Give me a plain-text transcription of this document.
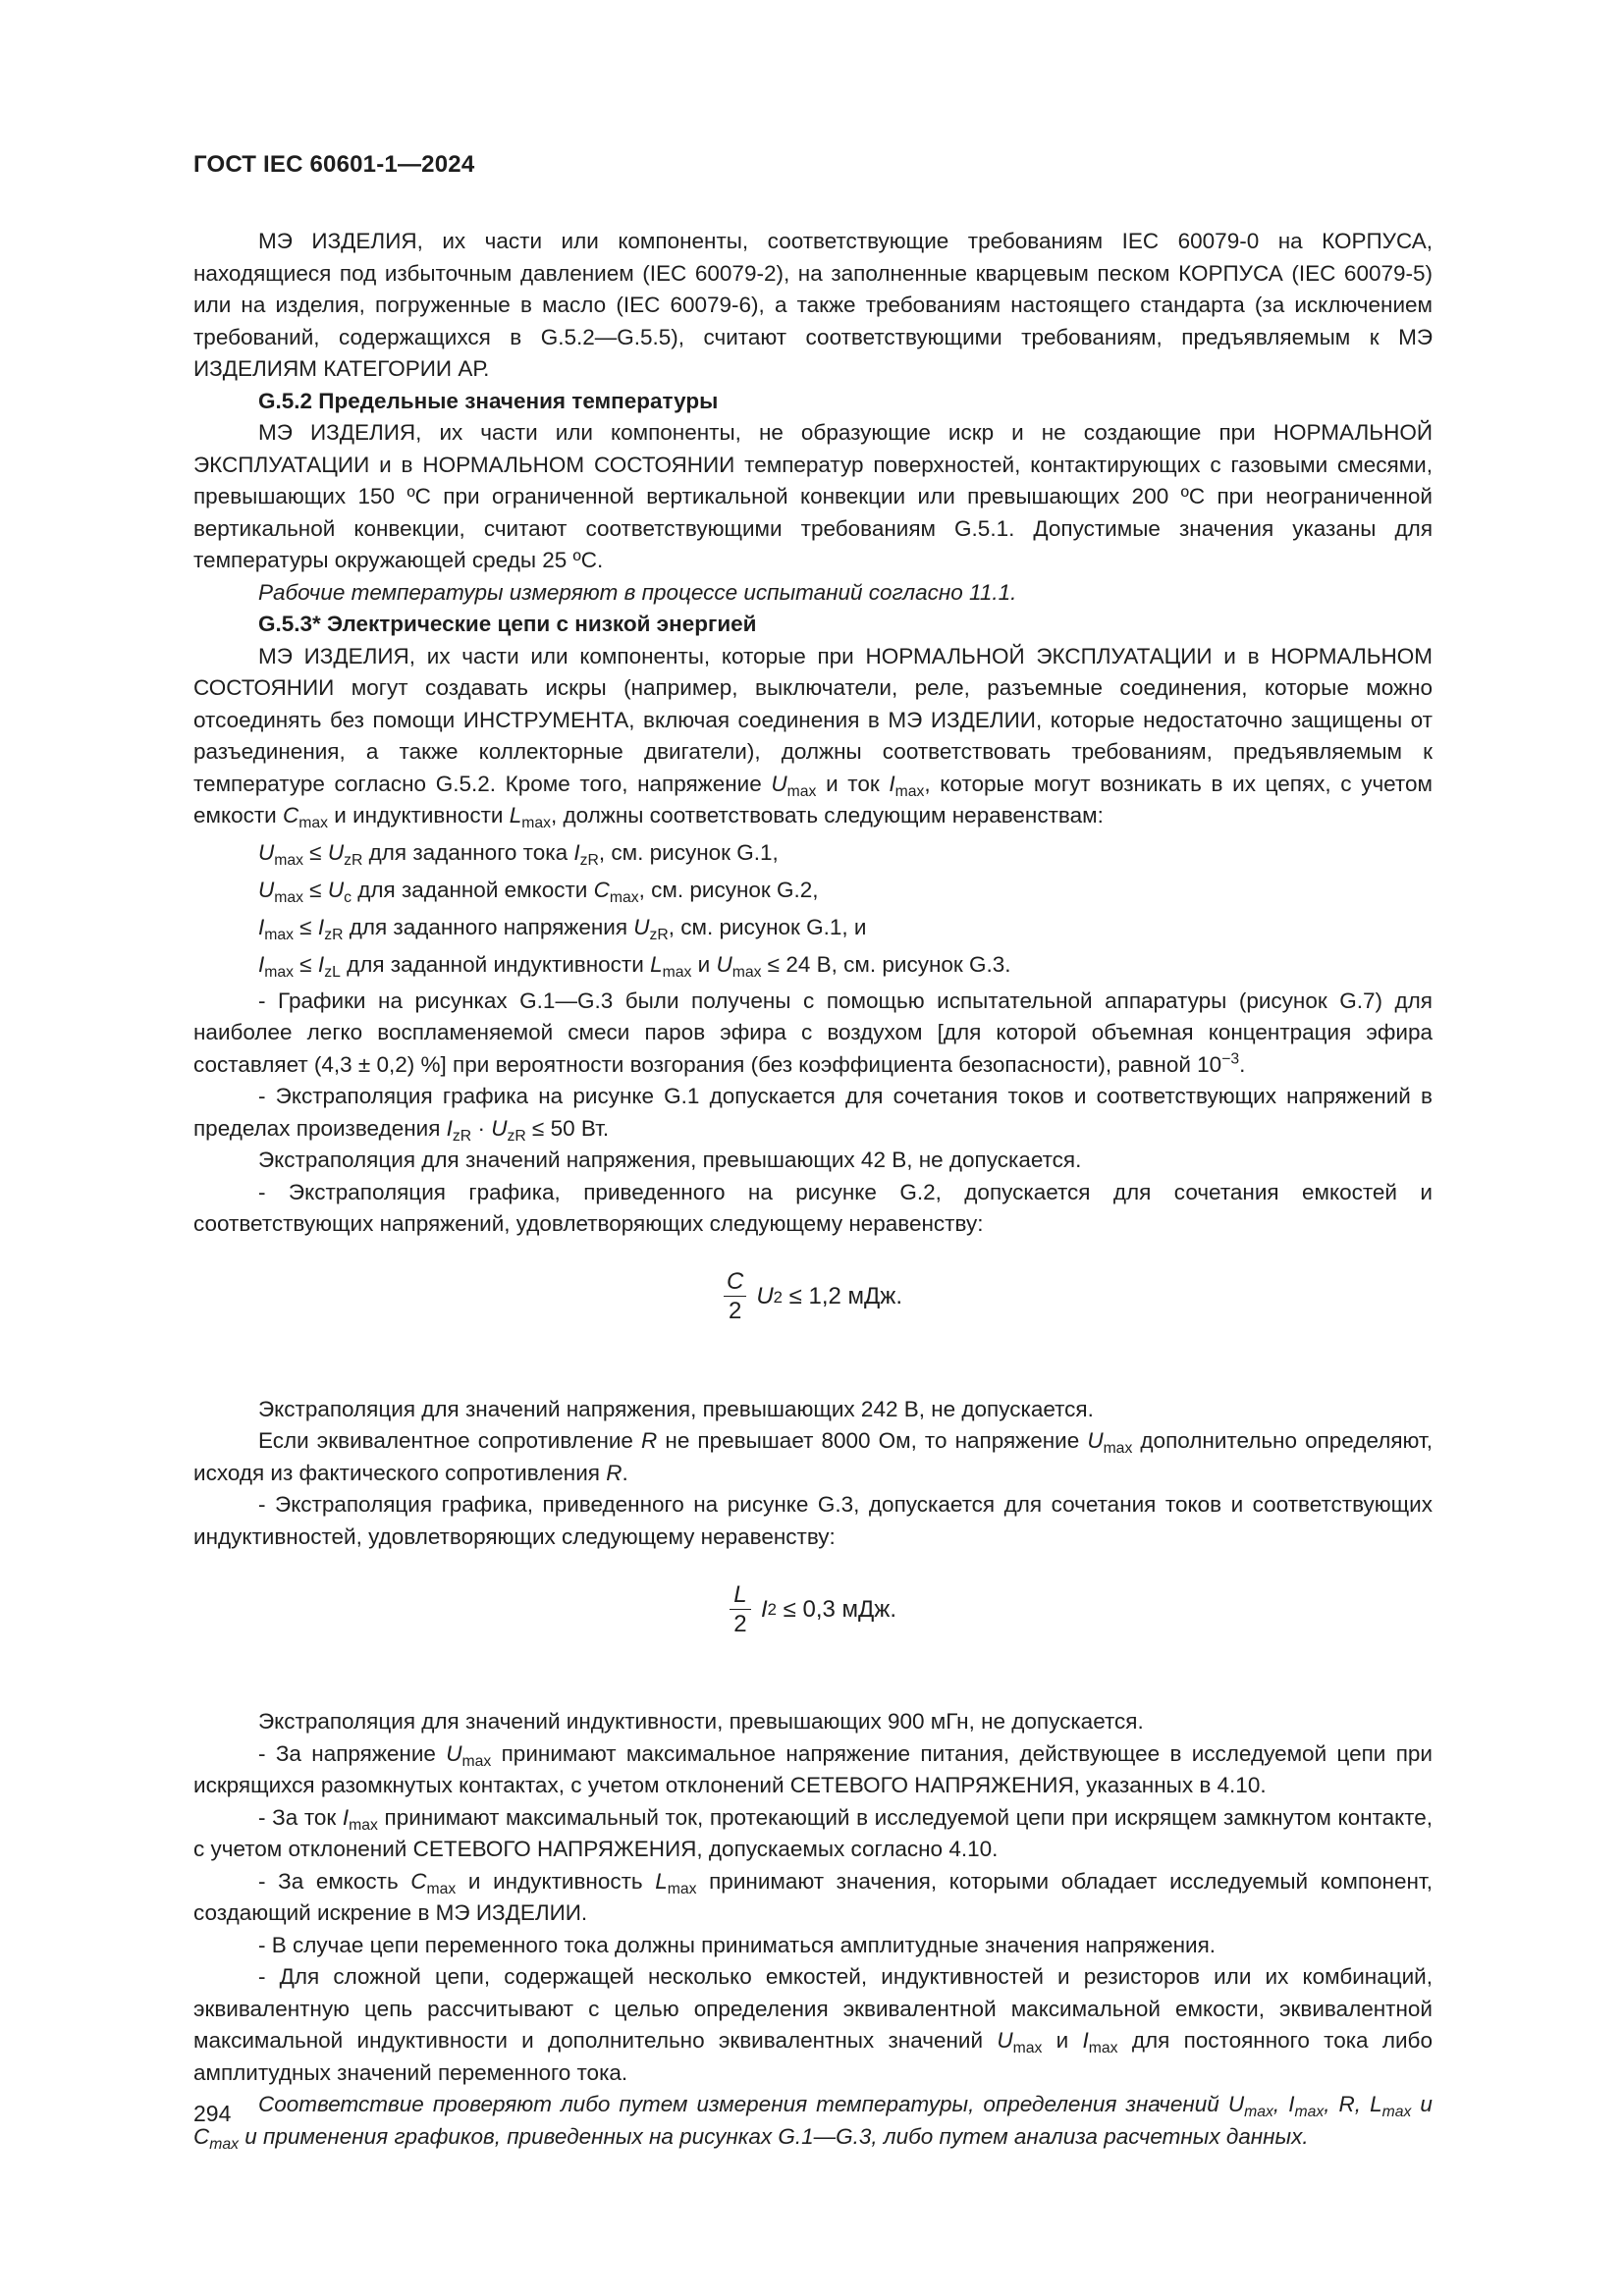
ГОСТ IEC 60601-1—2024

МЭ ИЗДЕЛИЯ, их части или компоненты, соответствующие требованиям IEC 60079-0 на КОРПУСА, находящиеся под избыточным давлением (IEC 60079-2), на заполненные кварцевым песком КОРПУСА (IEC 60079-5) или на изделия, погруженные в масло (IEC 60079-6), а также требованиям настоящего стандарта (за исключением требований, содержащихся в G.5.2—G.5.5), считают соответствующими требованиям, предъявляемым к МЭ ИЗДЕЛИЯМ КАТЕГОРИИ АР.

G.5.2 Предельные значения температуры

МЭ ИЗДЕЛИЯ, их части или компоненты, не образующие искр и не создающие при НОРМАЛЬНОЙ ЭКСПЛУАТАЦИИ и в НОРМАЛЬНОМ СОСТОЯНИИ температур поверхностей, контактирующих с газовыми смесями, превышающих 150 ºC при ограниченной вертикальной конвекции или превышающих 200 ºC при неограниченной вертикальной конвекции, считают соответствующими требованиям G.5.1. Допустимые значения указаны для температуры окружающей среды 25 ºC.

Рабочие температуры измеряют в процессе испытаний согласно 11.1.

G.5.3* Электрические цепи с низкой энергией

МЭ ИЗДЕЛИЯ, их части или компоненты, которые при НОРМАЛЬНОЙ ЭКСПЛУАТАЦИИ и в НОРМАЛЬНОМ СОСТОЯНИИ могут создавать искры (например, выключатели, реле, разъемные соединения, которые можно отсоединять без помощи ИНСТРУМЕНТА, включая соединения в МЭ ИЗДЕЛИИ, которые недостаточно защищены от разъединения, а также коллекторные двигатели), должны соответствовать требованиям, предъявляемым к температуре согласно G.5.2. Кроме того, напряжение $U_{max}$ и ток $I_{max}$, которые могут возникать в их цепях, с учетом емкости $C_{max}$ и индуктивности $L_{max}$, должны соответствовать следующим неравенствам:

$U_{max} \le U_{zR}$ для заданного тока $I_{zR}$, см. рисунок G.1,

$U_{max} \le U_c$ для заданной емкости $C_{max}$, см. рисунок G.2,

$I_{max} \le I_{zR}$ для заданного напряжения $U_{zR}$, см. рисунок G.1, и

$I_{max} \le I_{zL}$ для заданной индуктивности $L_{max}$ и $U_{max} \le 24$ В, см. рисунок G.3.

- Графики на рисунках G.1—G.3 были получены с помощью испытательной аппаратуры (рисунок G.7) для наиболее легко воспламеняемой смеси паров эфира с воздухом [для которой объемная концентрация эфира составляет (4,3 ± 0,2) %] при вероятности возгорания (без коэффициента безопасности), равной $10^{-3}$.

- Экстраполяция графика на рисунке G.1 допускается для сочетания токов и соответствующих напряжений в пределах произведения $I_{zR} \cdot U_{zR} \le 50$ Вт.

Экстраполяция для значений напряжения, превышающих 42 В, не допускается.

- Экстраполяция графика, приведенного на рисунке G.2, допускается для сочетания емкостей и соответствующих напряжений, удовлетворяющих следующему неравенству:

$\frac{C}{2}$ U 2
≤ 1,2 мДж.

Экстраполяция для значений напряжения, превышающих 242 В, не допускается.

Если эквивалентное сопротивление R не превышает 8000 Ом, то напряжение $U_{max}$ дополнительно определяют, исходя из фактического сопротивления R.

- Экстраполяция графика, приведенного на рисунке G.3, допускается для сочетания токов и соответствующих индуктивностей, удовлетворяющих следующему неравенству:

$\frac{L}{2}$ I 2
≤ 0,3 мДж.

Экстраполяция для значений индуктивности, превышающих 900 мГн, не допускается.

- За напряжение $U_{max}$ принимают максимальное напряжение питания, действующее в исследуемой цепи при искрящихся разомкнутых контактах, с учетом отклонений СЕТЕВОГО НАПРЯЖЕНИЯ, указанных в 4.10.

- За ток $I_{max}$ принимают максимальный ток, протекающий в исследуемой цепи при искрящем замкнутом контакте, с учетом отклонений СЕТЕВОГО НАПРЯЖЕНИЯ, допускаемых согласно 4.10.

- За емкость $C_{max}$ и индуктивность $L_{max}$ принимают значения, которыми обладает исследуемый компонент, создающий искрение в МЭ ИЗДЕЛИИ.

- В случае цепи переменного тока должны приниматься амплитудные значения напряжения.

- Для сложной цепи, содержащей несколько емкостей, индуктивностей и резисторов или их комбинаций, эквивалентную цепь рассчитывают с целью определения эквивалентной максимальной емкости, эквивалентной максимальной индуктивности и дополнительно эквивалентных значений $U_{max}$ и $I_{max}$ для постоянного тока либо амплитудных значений переменного тока.

Соответствие проверяют либо путем измерения температуры, определения значений $U_{max}$, $I_{max}$, R, $L_{max}$ и $C_{max}$ и применения графиков, приведенных на рисунках G.1—G.3, либо путем анализа расчетных данных.

294
